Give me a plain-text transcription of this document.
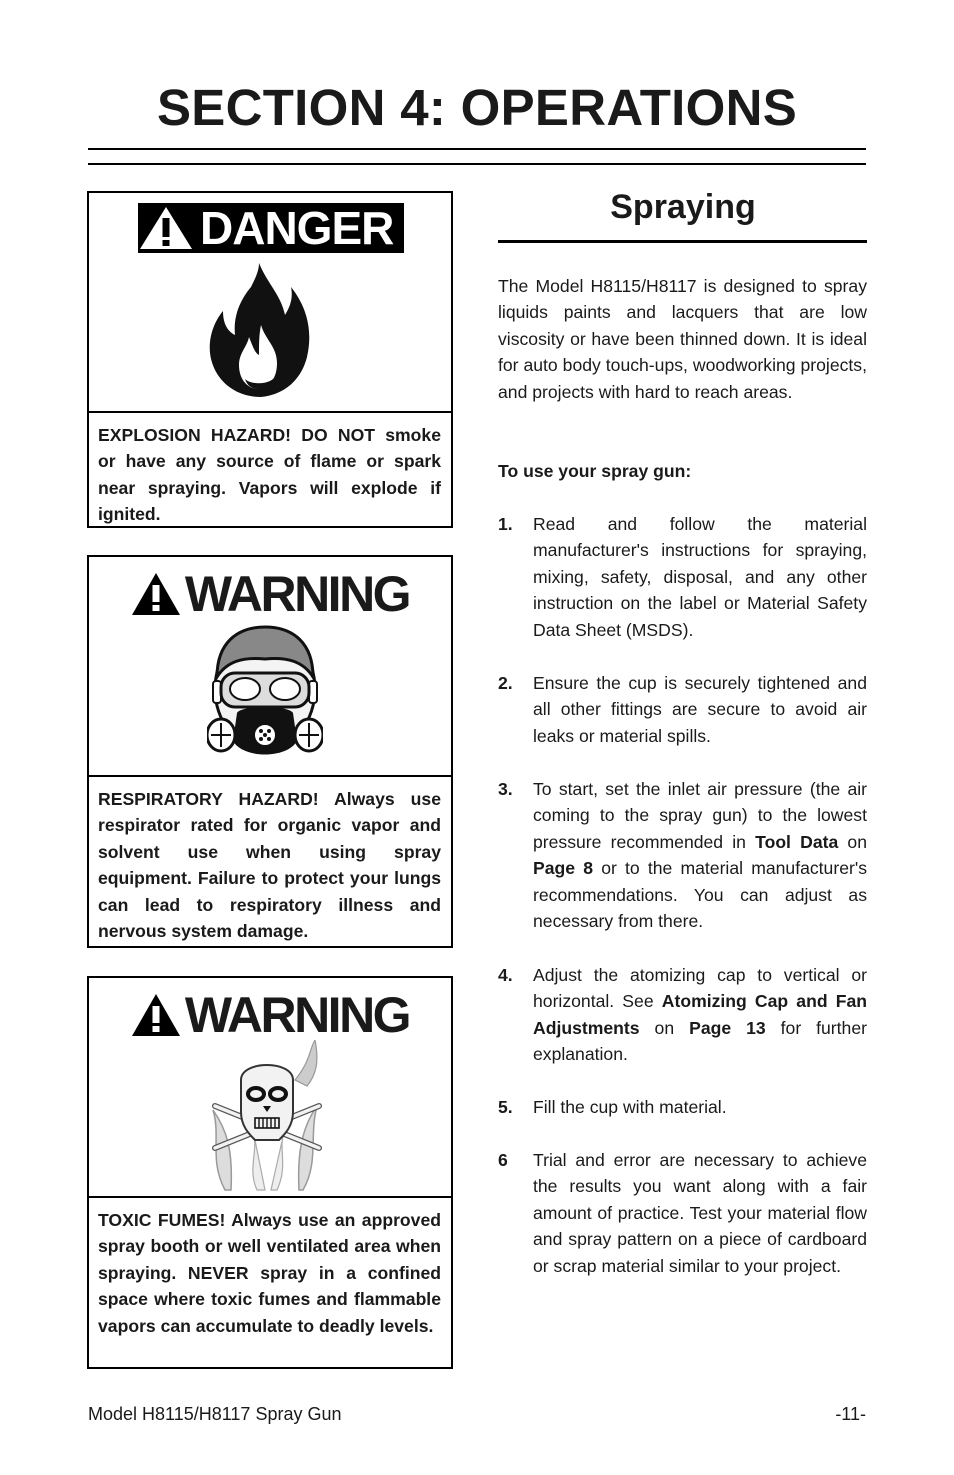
SECTION 4: OPERATIONS
DANGER
EXPLOSION HAZARD! DO NOT smoke or have any source of flame or spark near spraying. Vapors will explode if ignited.
WARNING
RESPIRATORY HAZARD! Always use respirator rated for organic vapor and solvent use when using spray equipment. Failure to protect your lungs can lead to respiratory illness and nervous system damage.
WARNING
TOXIC FUMES! Always use an approved spray booth or well ventilated area when spraying. NEVER spray in a confined space where toxic fumes and flammable vapors can accumulate to deadly levels.
Spraying
The Model H8115/H8117 is designed to spray liquids paints and lacquers that are low viscosity or have been thinned down. It is ideal for auto body touch-ups, woodworking projects, and projects with hard to reach areas.
To use your spray gun:
1. Read and follow the material manufacturer's instructions for spraying, mixing, safety, disposal, and any other instruction on the label or Material Safety Data Sheet (MSDS).
2. Ensure the cup is securely tightened and all other fittings are secure to avoid air leaks or material spills.
3. To start, set the inlet air pressure (the air coming to the spray gun) to the lowest pressure recommended in Tool Data on Page 8 or to the material manufacturer's recommendations. You can adjust as necessary from there.
4. Adjust the atomizing cap to vertical or horizontal. See Atomizing Cap and Fan Adjustments on Page 13 for further explanation.
5. Fill the cup with material.
6 Trial and error are necessary to achieve the results you want along with a fair amount of practice. Test your material flow and spray pattern on a piece of cardboard or scrap material similar to your project.
Model H8115/H8117 Spray Gun	-11-
